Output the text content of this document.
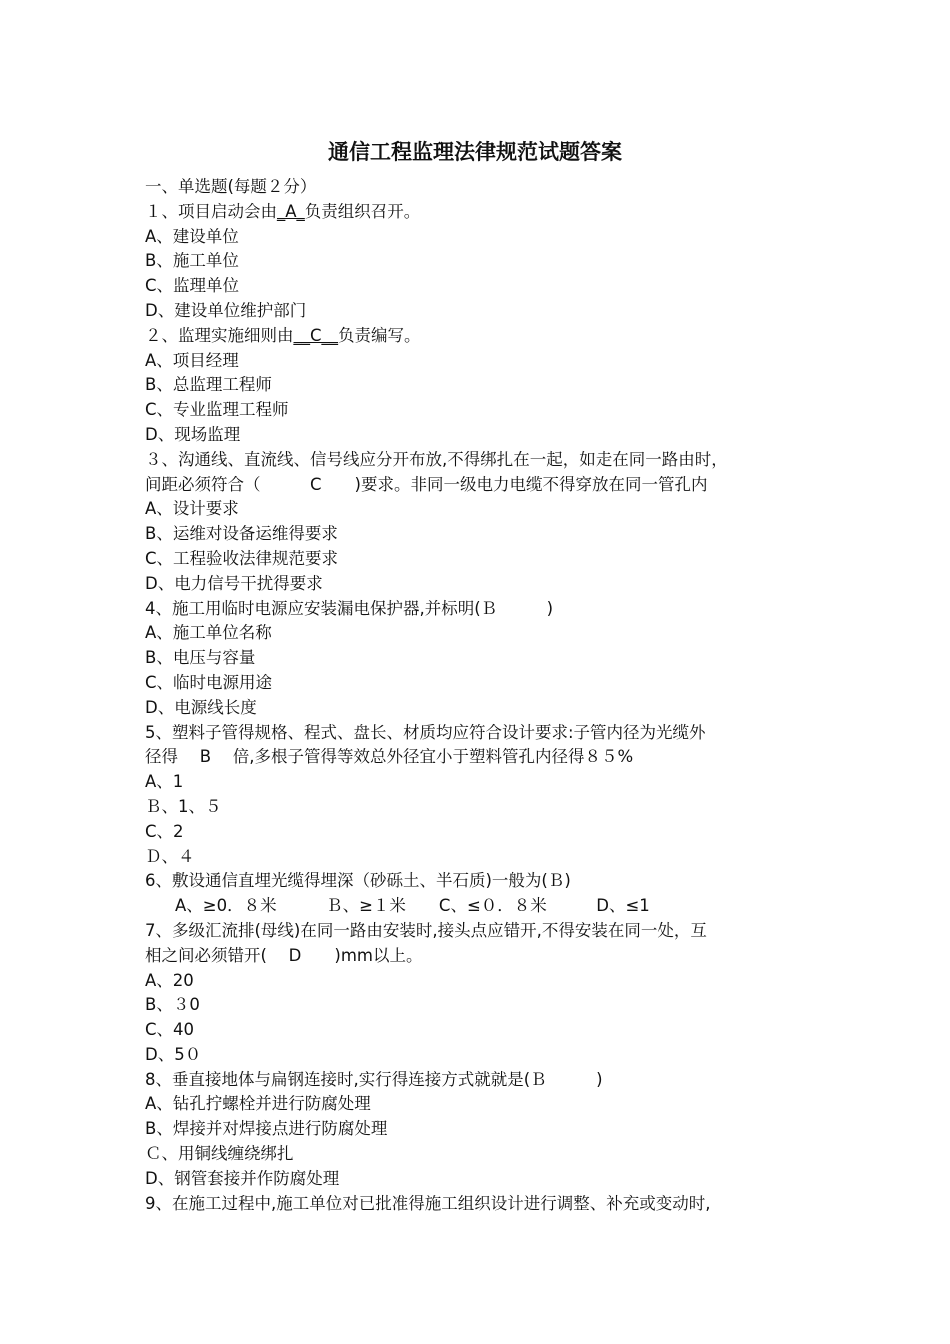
通信工程监理法律规范试题答案

一、单选题(每题２分）

１、项目启动会由_A_负责组织召开。

A、建设单位

B、施工单位

C、监理单位

D、建设单位维护部门

２、监理实施细则由__C__负责编写。

A、项目经理

B、总监理工程师

C、专业监理工程师

D、现场监理

３、沟通线、直流线、信号线应分开布放,不得绑扎在一起，如走在同一路由时，

间距必须符合（　　　C　　)要求。非同一级电力电缆不得穿放在同一管孔内

A、设计要求

B、运维对设备运维得要求

C、工程验收法律规范要求

D、电力信号干扰得要求

4、施工用临时电源应安装漏电保护器,并标明(Ｂ　　　)

A、施工单位名称

B、电压与容量

C、临时电源用途

D、电源线长度

5、塑料子管得规格、程式、盘长、材质均应符合设计要求:子管内径为光缆外

径得　 B　 倍,多根子管得等效总外径宜小于塑料管孔内径得８５%

A、1

Ｂ、1、５

C、2

Ｄ、４

6、敷设通信直埋光缆得埋深（砂砾土、半石质)一般为(Ｂ)

A、≥0．８米　　　Ｂ、≥１米　　C、≤０．８米　　　D、≤1

7、多级汇流排(母线)在同一路由安装时,接头点应错开,不得安装在同一处，互

相之间必须错开(　 D　　)mm以上。

A、20

B、３0

C、40

D、5０

8、垂直接地体与扁钢连接时,实行得连接方式就就是(Ｂ　　　)

A、钻孔拧螺栓并进行防腐处理

B、焊接并对焊接点进行防腐处理

Ｃ、用铜线缠绕绑扎

D、钢管套接并作防腐处理

9、在施工过程中,施工单位对已批准得施工组织设计进行调整、补充或变动时,
